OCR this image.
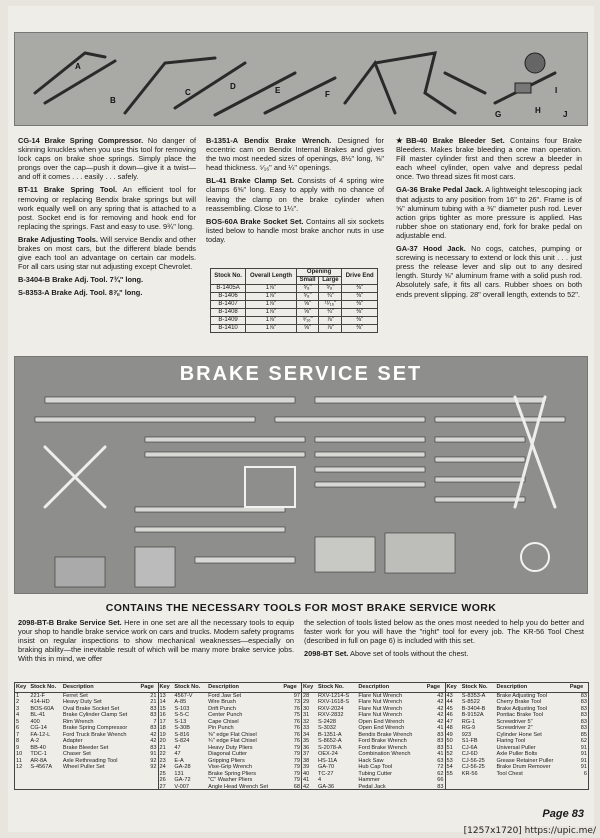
A
B
C
D	E	F
G	H
I
J

CG-14 Brake Spring Compressor. No danger of skinning knuckles when you use this tool for removing lock caps on brake shoe springs. Simply place the prongs over the cap—push it down—give it a twist—and off it comes . . . easily . . . safely.

BT-11 Brake Spring Tool. An efficient tool for removing or replacing Bendix brake springs but will work equally well on any spring that is attached to a post. Socket end is for removing and hook end for replacing the springs. Fast and easy to use. 9¾" long.

Brake Adjusting Tools. Will service Bendix and other brakes on most cars, but the different blade bends give each tool an advantage on certain car models. For all cars using star nut adjusting except Chevrolet.

B-3404-B Brake Adj. Tool. 7¾" long.

S-8353-A Brake Adj. Tool. 8⅞" long.

B-1351-A Bendix Brake Wrench. Designed for eccentric cam on Bendix Internal Brakes and gives the two most needed sizes of openings, 8½" long, ⅝" head thickness. ⁵⁄₁₆" and ¼" openings.

BL-41 Brake Clamp Set. Consists of 4 spring wire clamps 6⅝" long. Easy to apply with no chance of leaving the clamp on the brake cylinder when reassembling. Close to 1¼".

BOS-60A Brake Socket Set. Contains all six sockets listed below to handle most brake anchor nuts in use today.

Stock No.	Overall Length	Opening		Drive End
		Small	Large	
B-1405A	1⅞"	⁵⁄₈"	⁵⁄₈"	⅜"
B-1406	1⅞"	⁵⁄₈"	¾"	⅜"
B-1407	1⅞"	⅝"	¹¹⁄₁₆"	⅜"
B-1408	1⅞"	⅝"	¾"	⅜"
B-1409	1⅞"	⁹⁄₁₆"	⅞"	⅜"
B-1410	1⅞"	⅝"	⅞"	⅜"

★BB-40 Brake Bleeder Set. Contains four Brake Bleeders. Makes brake bleeding a one man operation. Fill master cylinder first and then screw a bleeder in each wheel cylinder, open valve and depress pedal once. Two thread sizes fit most cars.

GA-36 Brake Pedal Jack. A lightweight telescoping jack that adjusts to any position from 16" to 26". Frame is of ⅝" aluminum tubing with a ⅜" diameter push rod. Lever action grips tighter as more pressure is applied. Has rubber shoe on stationary end, fork for brake pedal on adjustable end.

GA-37 Hood Jack. No cogs, catches, pumping or screwing is necessary to extend or lock this unit . . . just press the release lever and slip out to any desired length. Sturdy ⅝" aluminum frame with a solid push rod. Absolutely safe, it fits all cars. Rubber shoes on both ends prevent slipping. 28" overall length, extends to 52".

BRAKE SERVICE SET
CONTAINS THE NECESSARY TOOLS FOR MOST BRAKE SERVICE WORK

2098-BT-B Brake Service Set. Here in one set are all the necessary tools to equip your shop to handle brake service work on cars and trucks. Modern safety programs insist on regular inspections to show mechanical weaknesses—especially on braking ability—the inevitable result of which will be many more brake service jobs. With this in mind, we offer

the selection of tools listed below as the ones most needed to help you do better and faster work for you will have the "right" tool for every job. The KR-56 Tool Chest (described in full on page 6) is included with this set.

2098-BT Set. Above set of tools without the chest.

Key	Stock No.	Description	Page
1	221-F	Ferret Set	21
2	414-HD	Heavy Duty Set	21
3	BOS-60A	Oval Brake Socket Set	83
4	BL-41	Brake Cylinder Clamp Set	83
5	400	Rim Wrench	7
6	CG-14	Brake Spring Compressor	83
7	FA-12-L	Ford Truck Brake Wrench	42
8	A-2	Adapter	42
9	BB-40	Brake Bleeder Set	83
10	TDC-1	Chaser Set	91
11	AR-8A	Axle Rethreading Tool	92
12	S-4567A	Wheel Puller Set	92
Key	Stock No.	Description	Page
13	4567-V	Ford Jaw Set	97
14	A-85	Wire Brush	73
15	S-103	Drift Punch	76
16	S-5-C	Center Punch	75
17	S-13	Cape Chisel	76
18	S-30B	Pin Punch	76
19	S-816	⅜" edge Flat Chisel	76
20	S-824	¾" edge Flat Chisel	76
21	47	Heavy Duty Pliers	79
22	47	Diagonal Cutter	79
23	E-A	Gripping Pliers	79
24	GA-28	Vise-Grip Wrench	79
25	131	Brake Spring Pliers	79
26	GA-72	"C" Washer Pliers	79
27	V-007	Angle Head Wrench Set	68
Key	Stock No.	Description	Page
28	RXV-1214-S	Flare Nut Wrench	42
29	RXV-1618-S	Flare Nut Wrench	42
30	RXV-2024	Flare Nut Wrench	42
31	RXV-2832	Flare Nut Wrench	42
32	S-2428	Open End Wrench	42
33	S-3032	Open End Wrench	41
34	B-1351-A	Bendix Brake Wrench	83
35	S-8652-A	Ford Brake Wrench	83
36	S-2078-A	Ford Brake Wrench	83
37	OEX-24	Combination Wrench	41
38	HS-11A	Hack Saw	63
39	GA-70	Hub Cap Tool	72
40	TC-27	Tubing Cutter	62
41	4	Hammer	66
42	GA-36	Pedal Jack	83
Key	Stock No.	Description	Page
43	S-8353-A	Brake Adjusting Tool	83
44	S-8522	Cherry Brake Tool	83
45	B-3404-B	Brake Adjusting Tool	83
46	B-9152A	Pontiac Brake Tool	83
47	RG-1	Screwdriver 5"	83
48	RG-9	Screwdriver 2"	83
49	923	Cylinder Hone Set	85
50	S1-FB	Flaring Tool	62
51	CJ-6A	Universal Puller	91
52	CJ-6D	Axle Puller Bolts	91
53	CJ-56-25	Grease Retainer Puller	91
54	CJ-56-25	Brake Drum Remover	91
55	KR-56	Tool Chest	6
Page 83
[1257x1720] https://upic.me/
